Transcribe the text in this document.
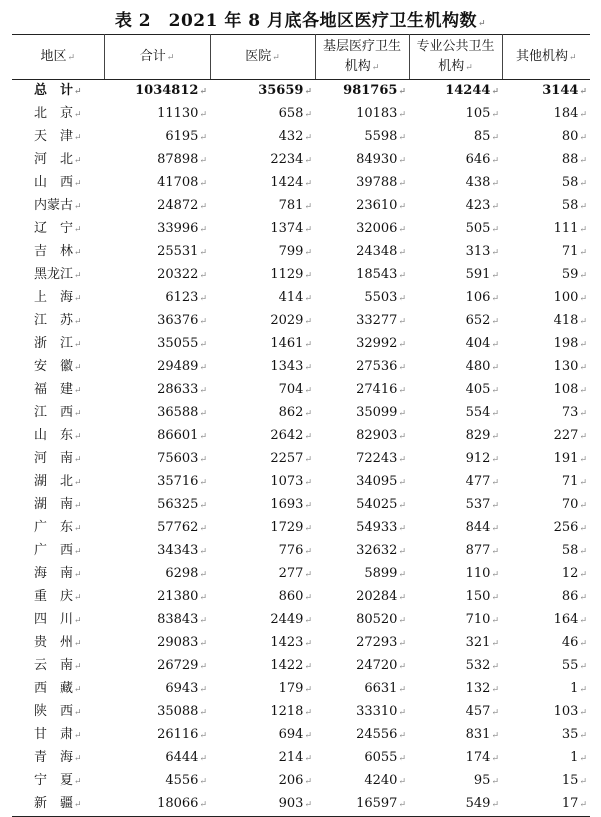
表 2　2021 年 8 月底各地区医疗卫生机构数↵
地区↵	合计↵	医院↵	基层医疗卫生机构↵	专业公共卫生机构↵	其他机构↵
总　计↵	1034812↵	35659↵	981765↵	14244↵	3144↵
北　京↵	11130↵	658↵	10183↵	105↵	184↵
天　津↵	6195↵	432↵	5598↵	85↵	80↵
河　北↵	87898↵	2234↵	84930↵	646↵	88↵
山　西↵	41708↵	1424↵	39788↵	438↵	58↵
内蒙古↵	24872↵	781↵	23610↵	423↵	58↵
辽　宁↵	33996↵	1374↵	32006↵	505↵	111↵
吉　林↵	25531↵	799↵	24348↵	313↵	71↵
黑龙江↵	20322↵	1129↵	18543↵	591↵	59↵
上　海↵	6123↵	414↵	5503↵	106↵	100↵
江　苏↵	36376↵	2029↵	33277↵	652↵	418↵
浙　江↵	35055↵	1461↵	32992↵	404↵	198↵
安　徽↵	29489↵	1343↵	27536↵	480↵	130↵
福　建↵	28633↵	704↵	27416↵	405↵	108↵
江　西↵	36588↵	862↵	35099↵	554↵	73↵
山　东↵	86601↵	2642↵	82903↵	829↵	227↵
河　南↵	75603↵	2257↵	72243↵	912↵	191↵
湖　北↵	35716↵	1073↵	34095↵	477↵	71↵
湖　南↵	56325↵	1693↵	54025↵	537↵	70↵
广　东↵	57762↵	1729↵	54933↵	844↵	256↵
广　西↵	34343↵	776↵	32632↵	877↵	58↵
海　南↵	6298↵	277↵	5899↵	110↵	12↵
重　庆↵	21380↵	860↵	20284↵	150↵	86↵
四　川↵	83843↵	2449↵	80520↵	710↵	164↵
贵　州↵	29083↵	1423↵	27293↵	321↵	46↵
云　南↵	26729↵	1422↵	24720↵	532↵	55↵
西　藏↵	6943↵	179↵	6631↵	132↵	1↵
陕　西↵	35088↵	1218↵	33310↵	457↵	103↵
甘　肃↵	26116↵	694↵	24556↵	831↵	35↵
青　海↵	6444↵	214↵	6055↵	174↵	1↵
宁　夏↵	4556↵	206↵	4240↵	95↵	15↵
新　疆↵	18066↵	903↵	16597↵	549↵	17↵
